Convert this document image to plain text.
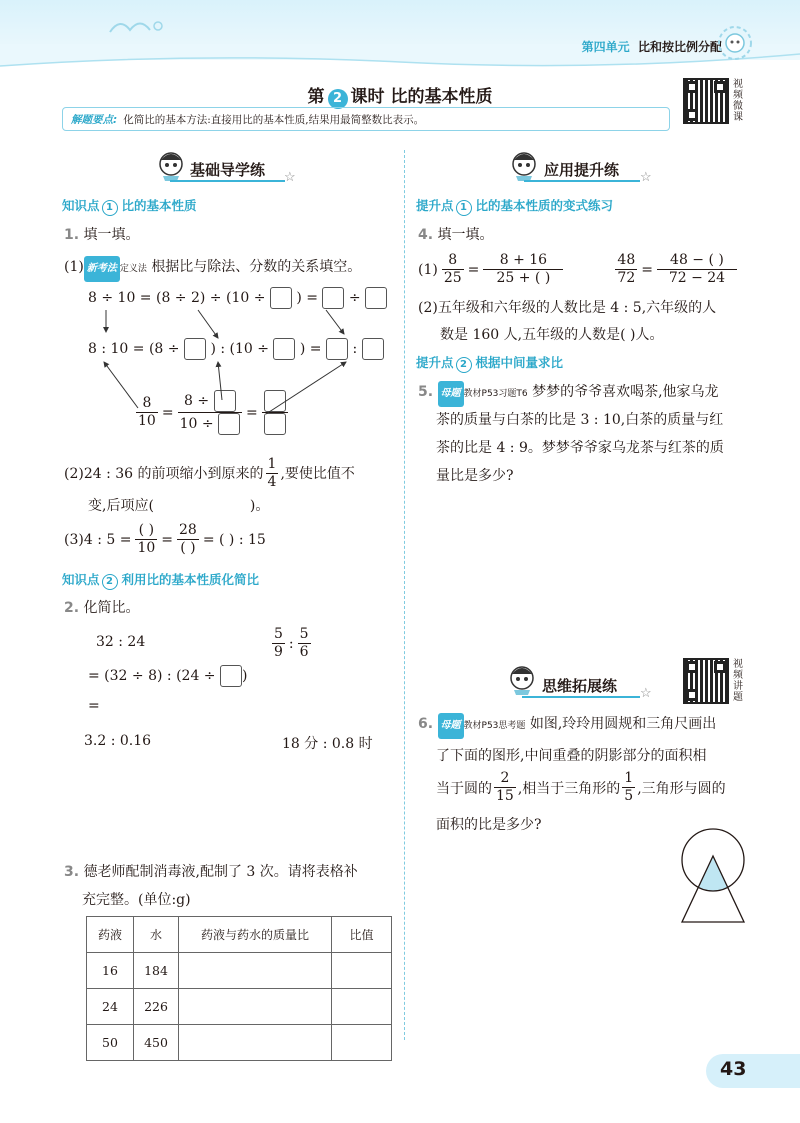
第四单元 比和按比例分配
第 2 课时 比的基本性质
视
频
微
课
解题要点: 化简比的基本方法:直接用比的基本性质,结果用最简整数比表示。
基础导学练 ☆
知识点 1 比的基本性质
1. 填一填。
(1) 新考法 定义法 根据比与除法、分数的关系填空。
8 ÷ 10 = (8 ÷ 2) ÷ (10 ÷ ) = ÷
8 : 10 = (8 ÷ ) : (10 ÷ ) = :
$\frac{8}{10} = \frac{8 \div}{10 \div}$ =
(2)24 : 36 的前项缩小到原来的 $\frac{1}{4}$ ,要使比值不
变,后项应(	)。
(3)4 : $5 = \frac{( )}{10} = \frac{28}{( )}$ = ( ) : 15
知识点 2 利用比的基本性质化简比
2. 化简比。
32 : 24
= (32 ÷ 8) : (24 ÷ )
=
$\frac{5}{9}$ : $\frac{5}{6}$
3.2 : 0.16	18 分 : 0.8 时
3. 德老师配制消毒液,配制了 3 次。请将表格补
充完整。(单位:g)
药液	水	药液与药水的质量比	比值
16	184		
24	226		
50	450		
应用提升练 ☆
提升点 1 比的基本性质的变式练习
4. 填一填。
$(1) \frac{8}{25} = \frac{8 + 16}{25 + ( )}$	$\frac{48}{72} = \frac{48 - ( )}{72 - 24}$
(2)五年级和六年级的人数比是 4 : 5,六年级的人
数是 160 人,五年级的人数是( )人。
提升点 2 根据中间量求比
5. 母题 教材P53习题T6 梦梦的爷爷喜欢喝茶,他家乌龙
茶的质量与白茶的比是 3 : 10,白茶的质量与红
茶的比是 4 : 9。梦梦爷爷家乌龙茶与红茶的质
量比是多少?
思维拓展练 ☆
视
频
讲
题
6. 母题 教材P53思考题 如图,玲玲用圆规和三角尺画出
了下面的图形,中间重叠的阴影部分的面积相
当于圆的 $\frac{2}{15}$ ,相当于三角形的 $\frac{1}{5}$ ,三角形与圆的
面积的比是多少?
43
